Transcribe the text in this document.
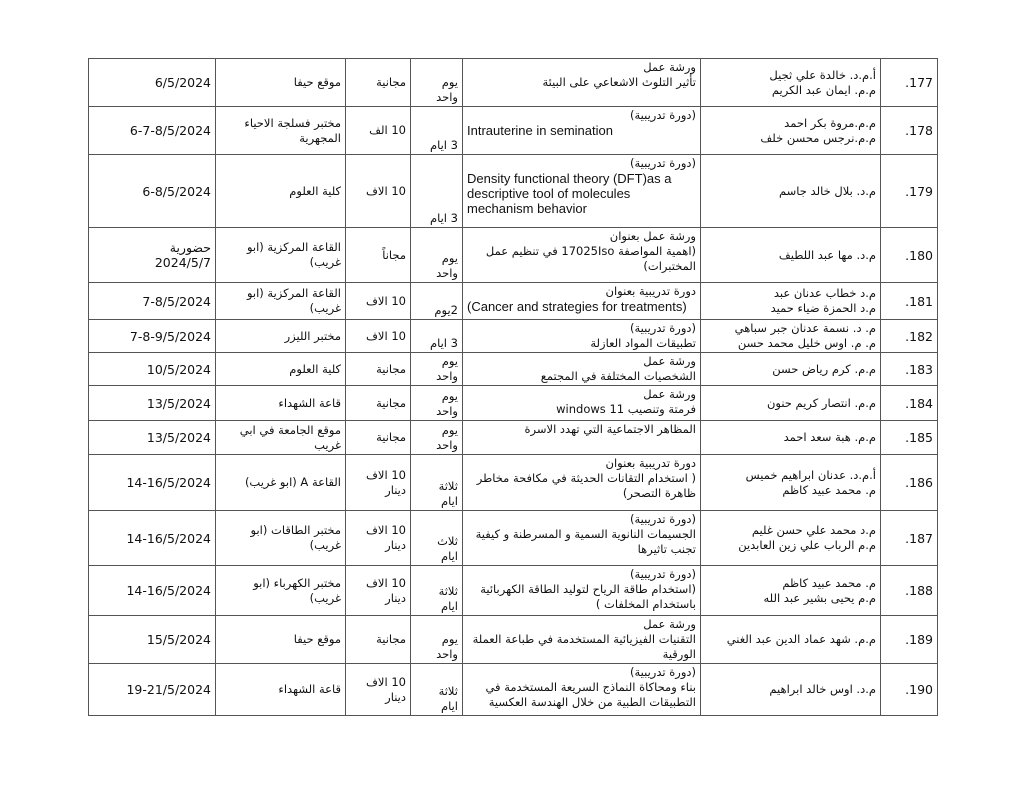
177.	أ.م.د. خالدة علي ثجيل
م.م. ايمان عبد الكريم	ورشة عمل
تأثير التلوث الاشعاعي على البيئة	يوم
واحد	مجانية	موقع حيفا	6/5/2024
178.	م.م.مروة بكر احمد
م.م.نرجس محسن خلف	(دورة تدريبية)
Intrauterine in semination	3 ايام	10 الف	مختبر فسلجة الاحياء المجهرية	6-7-8/5/2024
179.	م.د. بلال خالد جاسم	(دورة تدريبية)
Density functional theory (DFT)as a descriptive tool of molecules mechanism behavior	3 ايام	10 الاف	كلية العلوم	6-8/5/2024
180.	م.د. مها عبد اللطيف	ورشة عمل بعنوان
(اهمية المواصفة 17025Iso في تنظيم عمل المختبرات)	يوم
واحد	مجاناً	القاعة المركزية (ابو غريب)	حضورية
2024/5/7
181.	م.د خطاب عدنان عبد
م.د الحمزة ضياء حميد	دورة تدريبية بعنوان
(Cancer and strategies for treatments)	2يوم	10 الاف	القاعة المركزية (ابو غريب)	7-8/5/2024
182.	م. د. نسمة عدنان جبر سباهي
م. م. اوس خليل محمد حسن	(دورة تدريبية)
تطبيقات المواد العازلة	3 ايام	10 الاف	مختبر الليزر	7-8-9/5/2024
183.	م.م. كرم رياض حسن	ورشة عمل
الشخصيات المختلفة في المجتمع	يوم
واحد	مجانية	كلية العلوم	10/5/2024
184.	م.م. انتصار كريم حنون	ورشة عمل
فرمتة وتنصيب 11 windows	يوم
واحد	مجانية	قاعة الشهداء	13/5/2024
185.	م.م. هبة سعد احمد	المظاهر الاجتماعية التي تهدد الاسرة	يوم
واحد	مجانية	موقع الجامعة في ابي غريب	13/5/2024
186.	أ.م.د. عدنان ابراهيم خميس
م. محمد عبيد كاظم	دورة تدريبية بعنوان
( استخدام التقانات الحديثة في مكافحة مخاطر ظاهرة التصحر)	ثلاثة
ايام	10 الاف
دينار	القاعة A (ابو غريب)	14-16/5/2024
187.	م.د محمد علي حسن غليم
م.م الرباب علي زين العابدين	(دورة تدريبية)
الجسيمات النانوية السمية و المسرطنة و كيفية تجنب تاثيرها	ثلاث
ايام	10 الاف
دينار	مختبر الطاقات (ابو غريب)	14-16/5/2024
188.	م. محمد عبيد كاظم
م.م يحيى بشير عبد الله	(دورة تدريبية)
(استخدام طاقة الرياح لتوليد الطاقة الكهربائية باستخدام المخلفات )	ثلاثة
ايام	10 الاف
دينار	مختبر الكهرباء (ابو غريب)	14-16/5/2024
189.	م.م. شهد عماد الدين عبد الغني	ورشة عمل
التقنيات الفيزيائية المستخدمة في طباعة العملة الورقية	يوم
واحد	مجانية	موقع حيفا	15/5/2024
190.	م.د. اوس خالد ابراهيم	(دورة تدريبية)
بناء ومحاكاة النماذج السريعة المستخدمة في التطبيقات الطبية من خلال الهندسة العكسية	ثلاثة
ايام	10 الاف
دينار	قاعة الشهداء	19-21/5/2024
